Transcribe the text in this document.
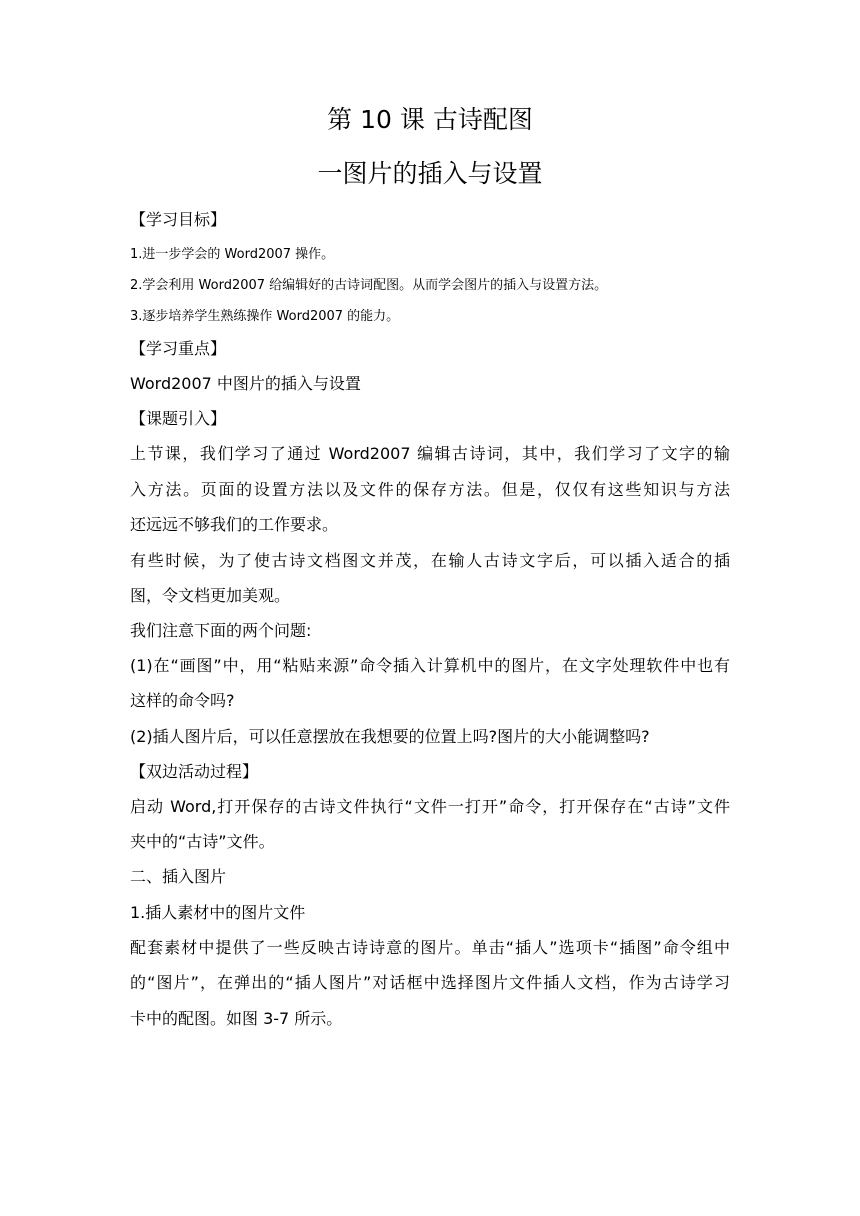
第 10 课 古诗配图
一图片的插入与设置
【学习目标】
1.进一步学会的 Word2007 操作。
2.学会利用 Word2007 给编辑好的古诗词配图。从而学会图片的插入与设置方法。
3.逐步培养学生熟练操作 Word2007 的能力。
【学习重点】
Word2007 中图片的插入与设置
【课题引入】
上节课，我们学习了通过 Word2007 编辑古诗词，其中，我们学习了文字的输
入方法。页面的设置方法以及文件的保存方法。但是，仅仅有这些知识与方法
还远远不够我们的工作要求。
有些时候，为了使古诗文档图文并茂，在输人古诗文字后，可以插入适合的插
图，令文档更加美观。
我们注意下面的两个问题:
(1)在“画图”中，用“粘贴来源”命令插入计算机中的图片，在文字处理软件中也有
这样的命令吗?
(2)插人图片后，可以任意摆放在我想要的位置上吗?图片的大小能调整吗?
【双边活动过程】
启动 Word,打开保存的古诗文件执行“文件一打开”命令，打开保存在“古诗”文件
夹中的“古诗”文件。
二、插入图片
1.插人素材中的图片文件
配套素材中提供了一些反映古诗诗意的图片。单击“插人”选项卡“插图”命令组中
的“图片”，在弹出的“插人图片”对话框中选择图片文件插人文档，作为古诗学习
卡中的配图。如图 3-7 所示。
